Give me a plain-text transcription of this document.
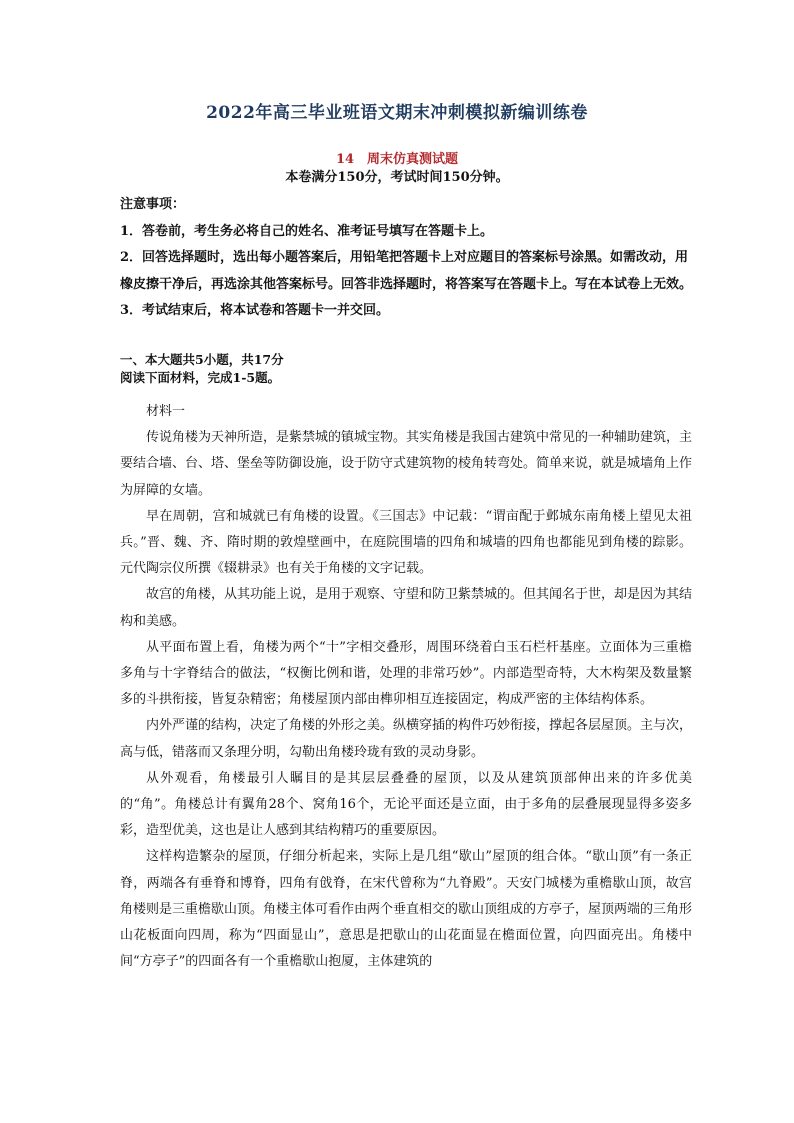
2022年高三毕业班语文期末冲刺模拟新编训练卷
14　周末仿真测试题
本卷满分150分，考试时间150分钟。

注意事项：

1．答卷前，考生务必将自己的姓名、准考证号填写在答题卡上。

2．回答选择题时，选出每小题答案后，用铅笔把答题卡上对应题目的答案标号涂黑。如需改动，用橡皮擦干净后，再选涂其他答案标号。回答非选择题时，将答案写在答题卡上。写在本试卷上无效。

3．考试结束后，将本试卷和答题卡一并交回。

一、本大题共5小题，共17分

阅读下面材料，完成1-5题。

材料一

传说角楼为天神所造，是紫禁城的镇城宝物。其实角楼是我国古建筑中常见的一种辅助建筑，主要结合墙、台、塔、堡垒等防御设施，设于防守式建筑物的棱角转弯处。简单来说，就是城墙角上作为屏障的女墙。

早在周朝，宫和城就已有角楼的设置。《三国志》中记载：“谓亩配于邺城东南角楼上望见太祖兵。”晋、魏、齐、隋时期的敦煌壁画中，在庭院围墙的四角和城墙的四角也都能见到角楼的踪影。元代陶宗仪所撰《辍耕录》也有关于角楼的文字记载。

故宫的角楼，从其功能上说，是用于观察、守望和防卫紫禁城的。但其闻名于世，却是因为其结构和美感。

从平面布置上看，角楼为两个“十”字相交叠形，周围环绕着白玉石栏杆基座。立面体为三重檐多角与十字脊结合的做法，“权衡比例和谐，处理的非常巧妙”。内部造型奇特，大木构架及数量繁多的斗拱衔接，皆复杂精密；角楼屋顶内部由榫卯相互连接固定，构成严密的主体结构体系。

内外严谨的结构，决定了角楼的外形之美。纵横穿插的构件巧妙衔接，撑起各层屋顶。主与次，高与低，错落而又条理分明，勾勒出角楼玲珑有致的灵动身影。

从外观看，角楼最引人瞩目的是其层层叠叠的屋顶，以及从建筑顶部伸出来的许多优美的“角”。角楼总计有翼角28个、窝角16个，无论平面还是立面，由于多角的层叠展现显得多姿多彩，造型优美，这也是让人感到其结构精巧的重要原因。

这样构造繁杂的屋顶，仔细分析起来，实际上是几组“歇山”屋顶的组合体。“歇山顶”有一条正脊，两端各有垂脊和博脊，四角有戗脊，在宋代曾称为“九脊殿”。天安门城楼为重檐歇山顶，故宫角楼则是三重檐歇山顶。角楼主体可看作由两个垂直相交的歇山顶组成的方亭子，屋顶两端的三角形山花板面向四周，称为“四面显山”，意思是把歇山的山花面显在檐面位置，向四面亮出。角楼中间“方亭子”的四面各有一个重檐歇山抱厦，主体建筑的
